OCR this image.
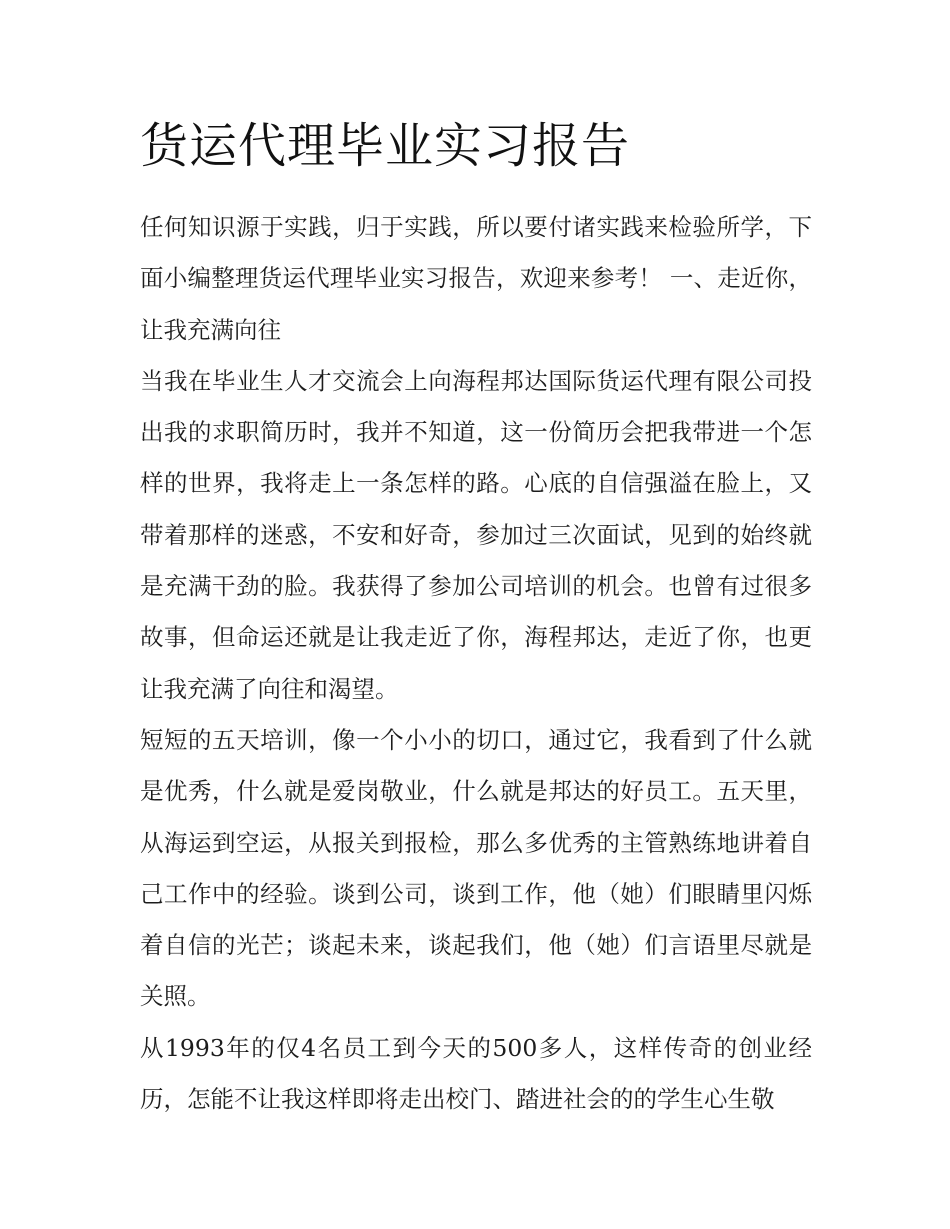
货运代理毕业实习报告

任何知识源于实践，归于实践，所以要付诸实践来检验所学，下面小编整理货运代理毕业实习报告，欢迎来参考！ 一、走近你，让我充满向往

当我在毕业生人才交流会上向海程邦达国际货运代理有限公司投出我的求职简历时，我并不知道，这一份简历会把我带进一个怎样的世界，我将走上一条怎样的路。心底的自信强溢在脸上，又带着那样的迷惑，不安和好奇，参加过三次面试，见到的始终就是充满干劲的脸。我获得了参加公司培训的机会。也曾有过很多故事，但命运还就是让我走近了你，海程邦达，走近了你，也更让我充满了向往和渴望。

短短的五天培训，像一个小小的切口，通过它，我看到了什么就是优秀，什么就是爱岗敬业，什么就是邦达的好员工。五天里，从海运到空运，从报关到报检，那么多优秀的主管熟练地讲着自己工作中的经验。谈到公司，谈到工作，他（她）们眼睛里闪烁着自信的光芒；谈起未来，谈起我们，他（她）们言语里尽就是关照。

从1993年的仅4名员工到今天的500多人，这样传奇的创业经历，怎能不让我这样即将走出校门、踏进社会的的学生心生敬
